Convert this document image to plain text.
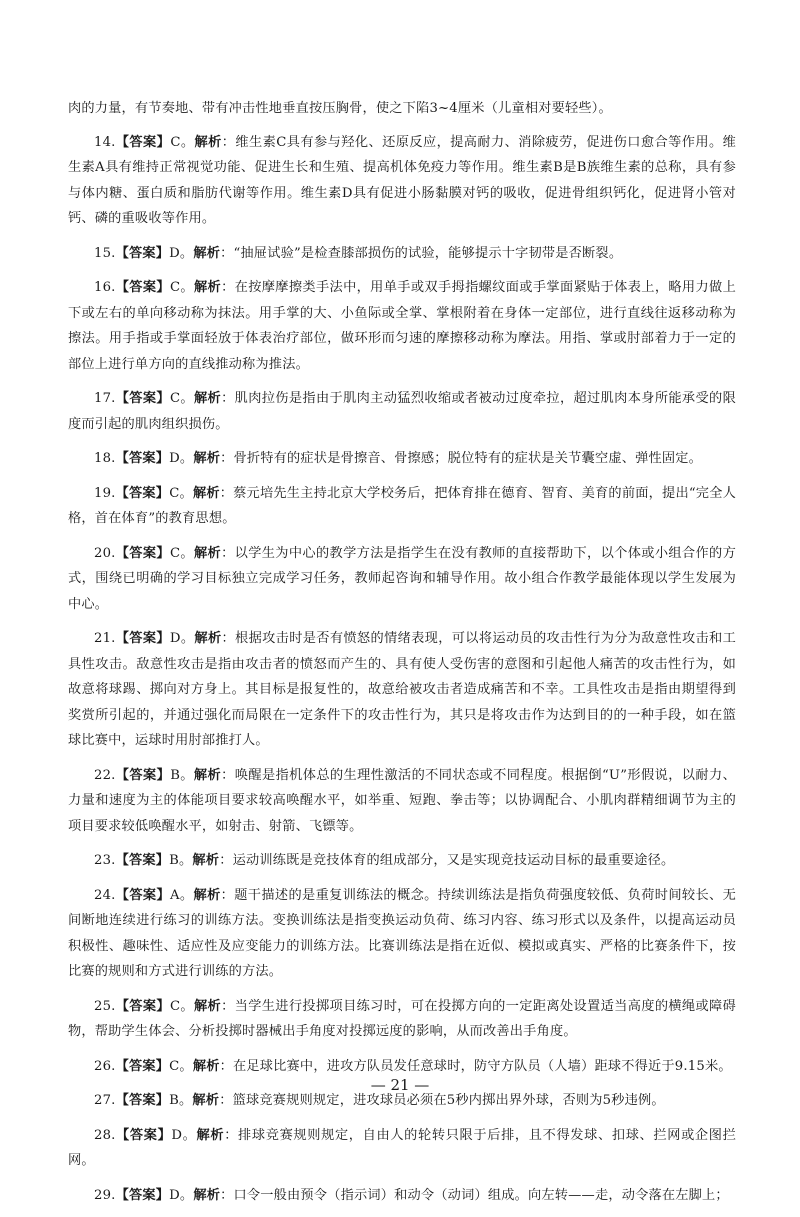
肉的力量，有节奏地、带有冲击性地垂直按压胸骨，使之下陷3~4厘米（儿童相对要轻些）。

14.【答案】C。解析：维生素C具有参与羟化、还原反应，提高耐力、消除疲劳，促进伤口愈合等作用。维生素A具有维持正常视觉功能、促进生长和生殖、提高机体免疫力等作用。维生素B是B族维生素的总称，具有参与体内糖、蛋白质和脂肪代谢等作用。维生素D具有促进小肠黏膜对钙的吸收，促进骨组织钙化，促进肾小管对钙、磷的重吸收等作用。

15.【答案】D。解析：“抽屉试验”是检查膝部损伤的试验，能够提示十字韧带是否断裂。

16.【答案】C。解析：在按摩摩擦类手法中，用单手或双手拇指螺纹面或手掌面紧贴于体表上，略用力做上下或左右的单向移动称为抹法。用手掌的大、小鱼际或全掌、掌根附着在身体一定部位，进行直线往返移动称为擦法。用手指或手掌面轻放于体表治疗部位，做环形而匀速的摩擦移动称为摩法。用指、掌或肘部着力于一定的部位上进行单方向的直线推动称为推法。

17.【答案】C。解析：肌肉拉伤是指由于肌肉主动猛烈收缩或者被动过度牵拉，超过肌肉本身所能承受的限度而引起的肌肉组织损伤。

18.【答案】D。解析：骨折特有的症状是骨擦音、骨擦感；脱位特有的症状是关节囊空虚、弹性固定。

19.【答案】C。解析：蔡元培先生主持北京大学校务后，把体育排在德育、智育、美育的前面，提出“完全人格，首在体育”的教育思想。

20.【答案】C。解析：以学生为中心的教学方法是指学生在没有教师的直接帮助下，以个体或小组合作的方式，围绕已明确的学习目标独立完成学习任务，教师起咨询和辅导作用。故小组合作教学最能体现以学生发展为中心。

21.【答案】D。解析：根据攻击时是否有愤怒的情绪表现，可以将运动员的攻击性行为分为敌意性攻击和工具性攻击。敌意性攻击是指由攻击者的愤怒而产生的、具有使人受伤害的意图和引起他人痛苦的攻击性行为，如故意将球踢、掷向对方身上。其目标是报复性的，故意给被攻击者造成痛苦和不幸。工具性攻击是指由期望得到奖赏所引起的，并通过强化而局限在一定条件下的攻击性行为，其只是将攻击作为达到目的的一种手段，如在篮球比赛中，运球时用肘部推打人。

22.【答案】B。解析：唤醒是指机体总的生理性激活的不同状态或不同程度。根据倒“U”形假说，以耐力、力量和速度为主的体能项目要求较高唤醒水平，如举重、短跑、拳击等；以协调配合、小肌肉群精细调节为主的项目要求较低唤醒水平，如射击、射箭、飞镖等。

23.【答案】B。解析：运动训练既是竞技体育的组成部分，又是实现竞技运动目标的最重要途径。

24.【答案】A。解析：题干描述的是重复训练法的概念。持续训练法是指负荷强度较低、负荷时间较长、无间断地连续进行练习的训练方法。变换训练法是指变换运动负荷、练习内容、练习形式以及条件，以提高运动员积极性、趣味性、适应性及应变能力的训练方法。比赛训练法是指在近似、模拟或真实、严格的比赛条件下，按比赛的规则和方式进行训练的方法。

25.【答案】C。解析：当学生进行投掷项目练习时，可在投掷方向的一定距离处设置适当高度的横绳或障碍物，帮助学生体会、分析投掷时器械出手角度对投掷远度的影响，从而改善出手角度。

26.【答案】C。解析：在足球比赛中，进攻方队员发任意球时，防守方队员（人墙）距球不得近于9.15米。

27.【答案】B。解析：篮球竞赛规则规定，进攻球员必须在5秒内掷出界外球，否则为5秒违例。

28.【答案】D。解析：排球竞赛规则规定，自由人的轮转只限于后排，且不得发球、扣球、拦网或企图拦网。

29.【答案】D。解析：口令一般由预令（指示词）和动令（动词）组成。向左转——走，动令落在左脚上；

— 21 —
